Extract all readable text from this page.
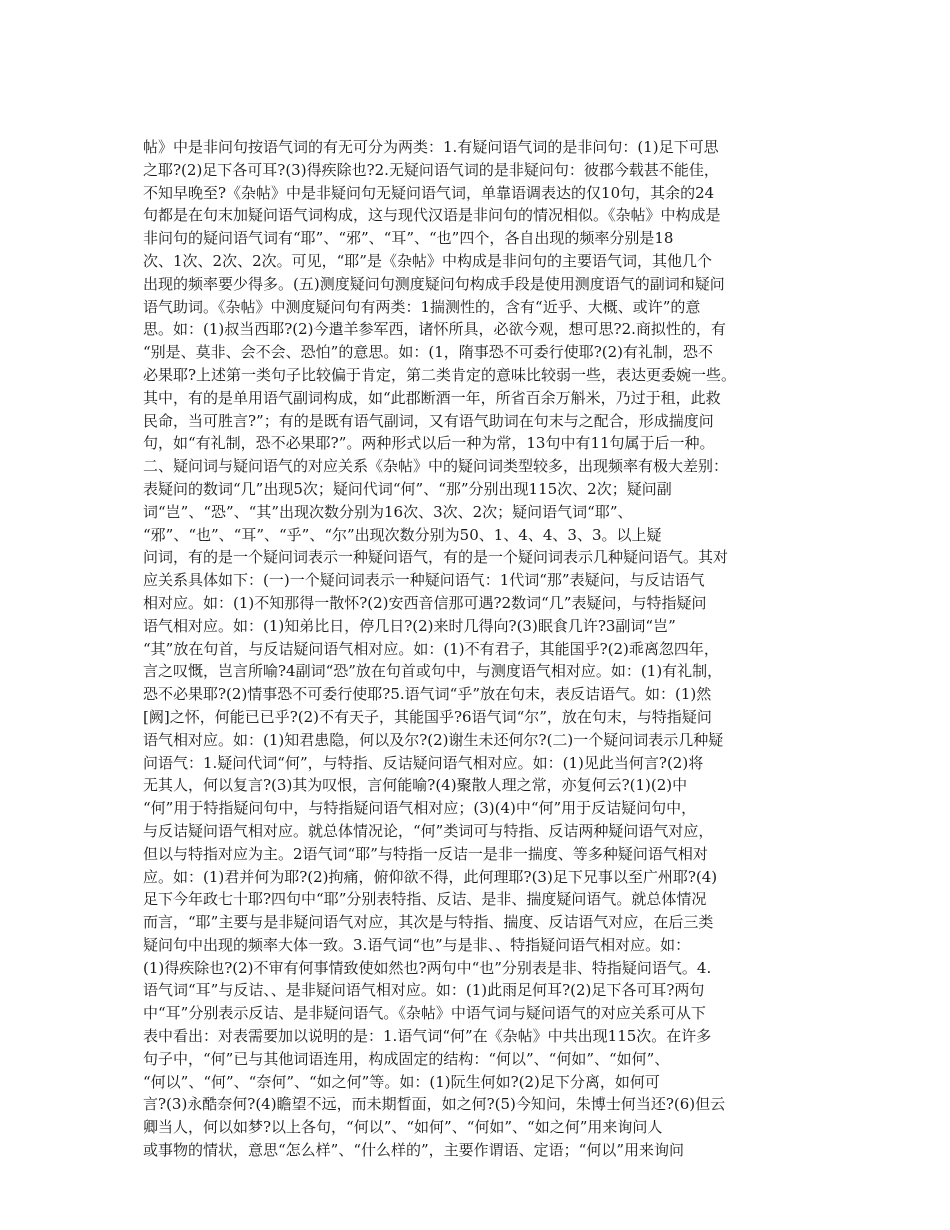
帖》中是非问句按语气词的有无可分为两类：1.有疑问语气词的是非问句：(1)足下可思
之耶?(2)足下各可耳?(3)得疾除也?2.无疑问语气词的是非疑问句：彼郡今载甚不能佳，
不知早晚至?《杂帖》中是非疑问句无疑问语气词，单靠语调表达的仅10句，其余的24
句都是在句末加疑问语气词构成，这与现代汉语是非问句的情况相似。《杂帖》中构成是
非问句的疑问语气词有“耶”、“邪”、“耳”、“也”四个，各自出现的频率分别是18
次、1次、2次、2次。可见，“耶”是《杂帖》中构成是非问句的主要语气词，其他几个
出现的频率要少得多。(五)测度疑问句测度疑问句构成手段是使用测度语气的副词和疑问
语气助词。《杂帖》中测度疑问句有两类：1揣测性的，含有“近乎、大概、或许”的意
思。如：(1)叔当西耶?(2)今遣羊参军西，诸怀所具，必欲今观，想可思?2.商拟性的，有
“别是、莫非、会不会、恐怕”的意思。如：(1，隋事恐不可委行使耶?(2)有礼制，恐不
必果耶?上述第一类句子比较偏于肯定，第二类肯定的意味比较弱一些，表达更委婉一些。
其中，有的是单用语气副词构成，如“此郡断酒一年，所省百余万斛米，乃过于租，此救
民命，当可胜言?”；有的是既有语气副词，又有语气助词在句末与之配合，形成揣度问
句，如“有礼制，恐不必果耶?”。两种形式以后一种为常，13句中有11句属于后一种。
二、疑问词与疑问语气的对应关系《杂帖》中的疑问词类型较多，出现频率有极大差别：
表疑问的数词“几”出现5次；疑问代词“何”、“那”分别出现115次、2次；疑问副
词“岂”、“恐”、“其”出现次数分别为16次、3次、2次；疑问语气词“耶”、
“邪”、“也”、“耳”、“乎”、“尔”出现次数分别为50、1、4、4、3、3。以上疑
问词，有的是一个疑问词表示一种疑问语气，有的是一个疑问词表示几种疑问语气。其对
应关系具体如下：(一)一个疑问词表示一种疑问语气：1代词“那”表疑问，与反诘语气
相对应。如：(1)不知那得一散怀?(2)安西音信那可遇?2数词“几”表疑问，与特指疑问
语气相对应。如：(1)知弟比日，停几日?(2)来时几得向?(3)眠食几许?3副词“岂”
“其”放在句首，与反诘疑问语气相对应。如：(1)不有君子，其能国乎?(2)乖离忽四年，
言之叹慨，岂言所喻?4副词“恐”放在句首或句中，与测度语气相对应。如：(1)有礼制，
恐不必果耶?(2)情事恐不可委行使耶?5.语气词“乎”放在句末，表反诘语气。如：(1)然
[阙]之怀，何能已已乎?(2)不有天子，其能国乎?6语气词“尔”，放在句末，与特指疑问
语气相对应。如：(1)知君患隐，何以及尔?(2)谢生未还何尔?(二)一个疑问词表示几种疑
问语气：1.疑问代词“何”，与特指、反诘疑问语气相对应。如：(1)见此当何言?(2)将
无其人，何以复言?(3)其为叹恨，言何能喻?(4)聚散人理之常，亦复何云?(1)(2)中
“何”用于特指疑问句中，与特指疑问语气相对应；(3)(4)中“何”用于反诘疑问句中，
与反诘疑问语气相对应。就总体情况论，“何”类词可与特指、反诘两种疑问语气对应，
但以与特指对应为主。2语气词“耶”与特指一反诘一是非一揣度、等多种疑问语气相对
应。如：(1)君并何为耶?(2)拘痛，俯仰欲不得，此何理耶?(3)足下兄事以至广州耶?(4)
足下今年政七十耶?四句中“耶”分别表特指、反诘、是非、揣度疑问语气。就总体情况
而言，“耶”主要与是非疑问语气对应，其次是与特指、揣度、反诘语气对应，在后三类
疑问句中出现的频率大体一致。3.语气词“也”与是非、、特指疑问语气相对应。如：
(1)得疾除也?(2)不审有何事情致使如然也?两句中“也”分别表是非、特指疑问语气。4.
语气词“耳”与反诘、、是非疑问语气相对应。如：(1)此雨足何耳?(2)足下各可耳?两句
中“耳”分别表示反诘、是非疑问语气。《杂帖》中语气词与疑问语气的对应关系可从下
表中看出：对表需要加以说明的是：1.语气词“何”在《杂帖》中共出现115次。在许多
句子中，“何”已与其他词语连用，构成固定的结构：“何以”、“何如”、“如何”、
“何以”、“何”、“奈何”、“如之何”等。如：(1)阮生何如?(2)足下分离，如何可
言?(3)永酷奈何?(4)瞻望不远，而未期晳面，如之何?(5)今知问，朱博士何当还?(6)但云
卿当人，何以如梦?以上各句，“何以”、“如何”、“何如”、“如之何”用来询问人
或事物的情状，意思“怎么样”、“什么样的”，主要作谓语、定语；“何以”用来询问
